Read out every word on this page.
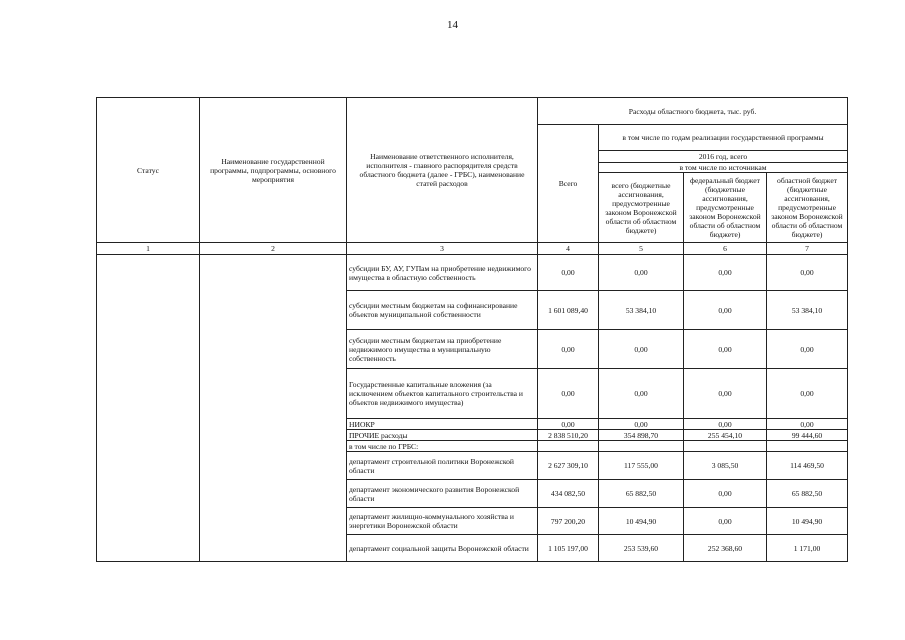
14
Статус	Наименование государственной программы, подпрограммы, основного мероприятия	Наименование ответственного исполнителя, исполнителя - главного распорядителя средств областного бюджета (далее - ГРБС), наименование статей расходов	Расходы областного бюджета, тыс. руб.			
			Всего	в том числе по годам реализации государственной программы		
				2016 год, всего		
				в том числе по источникам		
				всего (бюджетные ассигнования, предусмотренные законом Воронежской области об областном бюджете)	федеральный бюджет (бюджетные ассигнования, предусмотренные законом Воронежской области об областном бюджете)	областной бюджет (бюджетные ассигнования, предусмотренные законом Воронежской области об областном бюджете)
1	2	3	4	5	6	7
		субсидии БУ, АУ, ГУПам на приобретение недвижимого имущества в областную собственность	0,00	0,00	0,00	0,00
		субсидии местным бюджетам на софинансирование объектов муниципальной собственности	1 601 089,40	53 384,10	0,00	53 384,10
		субсидии местным бюджетам на приобретение недвижимого имущества в муниципальную собственность	0,00	0,00	0,00	0,00
		Государственные капитальные вложения (за исключением объектов капитального строительства и объектов недвижимого имущества)	0,00	0,00	0,00	0,00
		НИОКР	0,00	0,00	0,00	0,00
		ПРОЧИЕ расходы	2 838 510,20	354 898,70	255 454,10	99 444,60
		в том числе по ГРБС:				
		департамент строительной политики Воронежской области	2 627 309,10	117 555,00	3 085,50	114 469,50
		департамент экономического развития Воронежской области	434 082,50	65 882,50	0,00	65 882,50
		департамент жилищно-коммунального хозяйства и энергетики Воронежской области	797 200,20	10 494,90	0,00	10 494,90
		департамент социальной защиты Воронежской области	1 105 197,00	253 539,60	252 368,60	1 171,00
